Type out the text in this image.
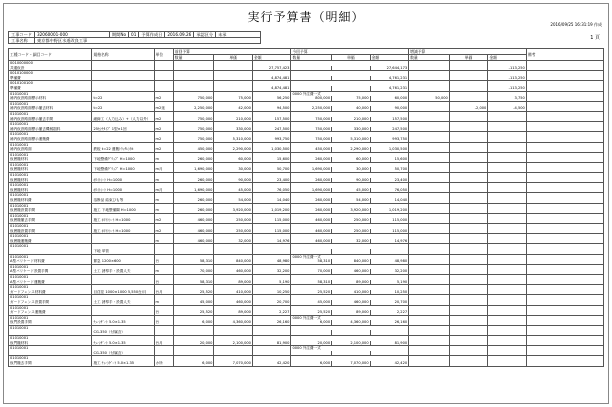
実行予算書（明細）
2016/09/25 16:31:19 作成
1 頁
工事コード	32060001-000	期間No	01	予算作成日	2016.09.26	承認区分	未承
工事名称	東京都中野区水道改良工事						
工種コード・細目コード	規格名称	単位	前回予算			今回予算			増減予算			備考
			数量	単価	金額	数量	単価	金額	数量	単価	金額	
0010000000												
共通仮設					27,757,423			27,644,173			-113,250	
0010100000												
準備費					4,874,481			4,761,231			-113,250	
0010100100												
準備費					4,874,481			4,761,231			-113,250	
01010001						0000 外注費一式						
補内仮設路面標示材料	t=22	m2	750,000	75,000	56,250	800,000	75,000	60,000	50,000		3,750	
01010001												
補内仮設路面標示撤去材料	t=22	m2延	2,250,000	42,000	94,500	2,250,000	40,000	90,000		-2,000	-4,500	
01010001												
補内仮設路面標示撤去手間	細線工（人力込み）+（人力以外）	m2	750,000	210,000	157,500	750,000	210,000	157,500				
01010001												
補内仮設路面標示撤去機械損料	25ｾﾝﾁﾀｲﾌﾟ 1型×1回	m2	750,000	330,000	247,500	750,000	330,000	247,500				
01010001												
補内仮設路面標示運搬費		m2	750,000	5,310,000	993,750	750,000	5,310,000	993,750				
01010001												
補内仮設路面	鉄板 t=22 運搬ﾄﾗｯｸﾚﾝﾀﾙ	m2	450,000	2,290,000	1,030,500	450,000	2,290,000	1,030,500				
01010001												
仮囲撤材料	下地整備ｸﾞﾘｯﾌﾟ H=1000	m	260,000	60,000	15,600	260,000	60,000	15,600				
01010001												
仮囲撤材料	下地整備ｸﾞﾘｯﾌﾟ H=1000	m月	1,690,000	30,000	50,700	1,690,000	30,000	50,700				
01010001												
仮囲撤材料	ﾎﾜｲﾄｼｰﾄ H=1000	m	260,000	90,000	23,400	260,000	90,000	23,400				
01010001												
仮囲撤材料	ﾎﾜｲﾄｼｰﾄ H=1000	m月	1,690,000	45,000	76,050	1,690,000	45,000	76,050				
01010001												
仮囲撤材料費	溶断品 結束ひも等	m	260,000	54,000	14,040	260,000	54,000	14,040				
01010001												
仮囲撤設置手間	施工 下地整備鋼 H=1000	m	260,000	3,920,000	1,019,200	260,000	3,920,000	1,019,200				
01010001												
仮囲撤撤去手間	施工 ﾎﾜｲﾄｼｰﾄ H=1000	m2	460,000	250,000	115,000	460,000	250,000	115,000				
01010001												
仮囲撤設置手間	施工 ﾎﾜｲﾄｼｰﾄ H=1000	m2	460,000	250,000	115,000	460,000	250,000	115,000				
01010001												
仮囲撤運搬費		m	460,000	32,000	14,976	460,000	32,000	14,976				
01010001												
	下地 単管											
01010001						0000 外注費一式						
A型バリケード材料費	緊急 1200×600	台	58,310	840,000	48,980	58,310	840,000	48,980				
01010001												
A型バリケード設置手間	土工 誘導手・設置人夫	m	70,000	460,000	32,200	70,000	460,000	32,200				
01010001												
A型バリケード運搬費		台	58,310	89,000	5,190	58,310	89,000	5,190				
01010001												
ガードフェンス材料費	目荏荏 1000×1000 5,550台/月	台月	25,520	410,000	10,250	25,520	410,000	10,250				
01010001												
ガードフェンス設置手間	土工 誘導手・設置人夫	m	45,000	460,000	20,700	45,000	460,000	20,700				
01010001												
ガードフェンス運搬費		台	25,520	89,000	2,227	25,520	89,000	2,227				
01010001						0000 外注費一式						
仮門設置手間	ﾁｪｰﾝｹﾞｰﾄ 5.0×1.35	台	6,000	4,360,000	26,160	6,000	4,360,000	26,160				
01010001												
	CG-350（付属含）											
01010001												
仮門撤材料	ﾁｪｰﾝｹﾞｰﾄ 5.0×1.35	台月	20,000	2,100,000	81,900	20,000	2,100,000	81,900				
01010001						0000 外注費一式						
	CG-350（付属含）											
01010001												
仮門撤去手間	施工 ﾁｪｰﾝｹﾞｰﾄ 5.0×1.35	カ所	6,000	7,070,000	42,420	6,000	7,070,000	42,420				
